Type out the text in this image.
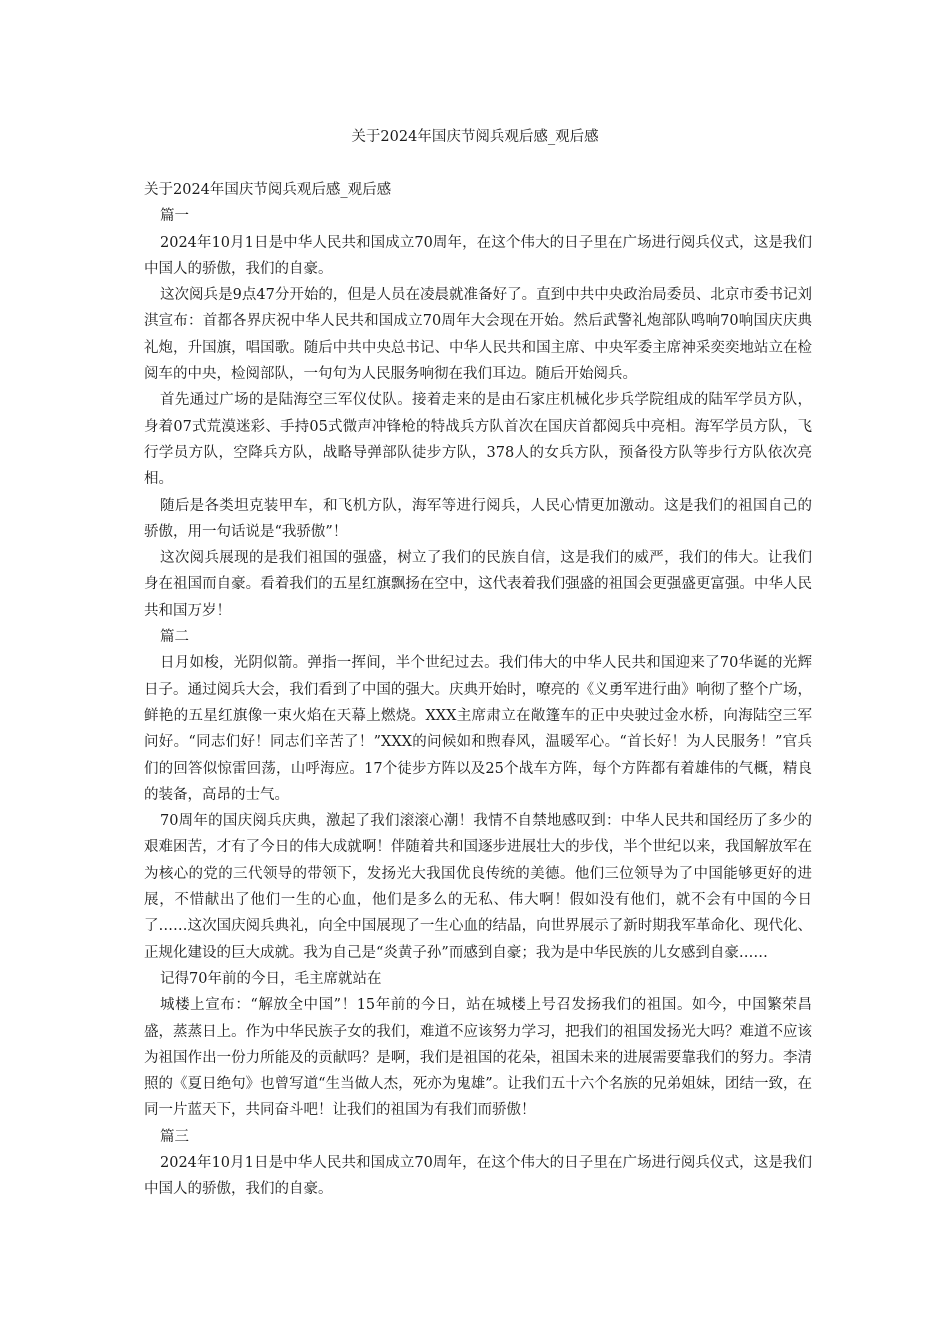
关于2024年国庆节阅兵观后感_观后感

关于2024年国庆节阅兵观后感_观后感

篇一

2024年10月1日是中华人民共和国成立70周年，在这个伟大的日子里在广场进行阅兵仪式，这是我们中国人的骄傲，我们的自豪。

这次阅兵是9点47分开始的，但是人员在凌晨就准备好了。直到中共中央政治局委员、北京市委书记刘淇宣布：首都各界庆祝中华人民共和国成立70周年大会现在开始。然后武警礼炮部队鸣响70响国庆庆典礼炮，升国旗，唱国歌。随后中共中央总书记、中华人民共和国主席、中央军委主席神采奕奕地站立在检阅车的中央，检阅部队，一句句为人民服务响彻在我们耳边。随后开始阅兵。

首先通过广场的是陆海空三军仪仗队。接着走来的是由石家庄机械化步兵学院组成的陆军学员方队，身着07式荒漠迷彩、手持05式微声冲锋枪的特战兵方队首次在国庆首都阅兵中亮相。海军学员方队，飞行学员方队，空降兵方队，战略导弹部队徒步方队，378人的女兵方队，预备役方队等步行方队依次亮相。

随后是各类坦克装甲车，和飞机方队，海军等进行阅兵，人民心情更加激动。这是我们的祖国自己的骄傲，用一句话说是“我骄傲”！

这次阅兵展现的是我们祖国的强盛，树立了我们的民族自信，这是我们的威严，我们的伟大。让我们身在祖国而自豪。看着我们的五星红旗飘扬在空中，这代表着我们强盛的祖国会更强盛更富强。中华人民共和国万岁！

篇二

日月如梭，光阴似箭。弹指一挥间，半个世纪过去。我们伟大的中华人民共和国迎来了70华诞的光辉日子。通过阅兵大会，我们看到了中国的强大。庆典开始时，嘹亮的《义勇军进行曲》响彻了整个广场，鲜艳的五星红旗像一束火焰在天幕上燃烧。XXX主席肃立在敞篷车的正中央驶过金水桥，向海陆空三军问好。“同志们好！同志们辛苦了！”XXX的问候如和煦春风，温暖军心。“首长好！为人民服务！”官兵们的回答似惊雷回荡，山呼海应。17个徒步方阵以及25个战车方阵，每个方阵都有着雄伟的气概，精良的装备，高昂的士气。

70周年的国庆阅兵庆典，激起了我们滚滚心潮！我情不自禁地感叹到：中华人民共和国经历了多少的艰难困苦，才有了今日的伟大成就啊！伴随着共和国逐步进展壮大的步伐，半个世纪以来，我国解放军在为核心的党的三代领导的带领下，发扬光大我国优良传统的美德。他们三位领导为了中国能够更好的进展，不惜献出了他们一生的心血，他们是多么的无私、伟大啊！假如没有他们，就不会有中国的今日了……这次国庆阅兵典礼，向全中国展现了一生心血的结晶，向世界展示了新时期我军革命化、现代化、正规化建设的巨大成就。我为自己是“炎黄子孙”而感到自豪；我为是中华民族的儿女感到自豪……

记得70年前的今日，毛主席就站在

城楼上宣布：“解放全中国”！15年前的今日，站在城楼上号召发扬我们的祖国。如今，中国繁荣昌盛，蒸蒸日上。作为中华民族子女的我们，难道不应该努力学习，把我们的祖国发扬光大吗？难道不应该为祖国作出一份力所能及的贡献吗？是啊，我们是祖国的花朵，祖国未来的进展需要靠我们的努力。李清照的《夏日绝句》也曾写道“生当做人杰，死亦为鬼雄”。让我们五十六个名族的兄弟姐妹，团结一致，在同一片蓝天下，共同奋斗吧！让我们的祖国为有我们而骄傲！

篇三

2024年10月1日是中华人民共和国成立70周年，在这个伟大的日子里在广场进行阅兵仪式，这是我们中国人的骄傲，我们的自豪。
